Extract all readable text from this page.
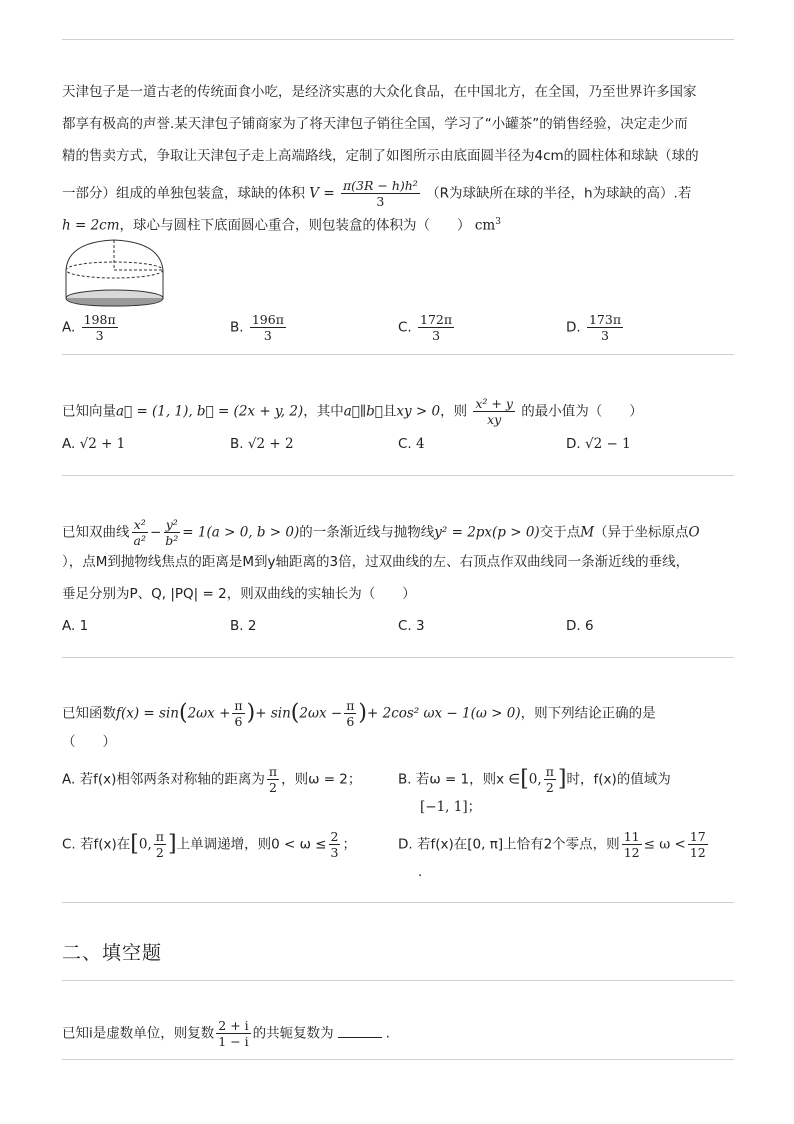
天津包子是一道古老的传统面食小吃，是经济实惠的大众化食品，在中国北方，在全国，乃至世界许多国家
都享有极高的声誉.某天津包子铺商家为了将天津包子销往全国，学习了“小罐茶”的销售经验，决定走少而
精的售卖方式，争取让天津包子走上高端路线，定制了如图所示由底面圆半径为4cm的圆柱体和球缺（球的
一部分）组成的单独包装盒，球缺的体积 $V = \frac{\text{π(3R − h)h²}}{3} (R$为球缺所在球的半径，h为球缺的高）.若
h = 2cm，球心与圆柱下底面圆心重合，则包装盒的体积为（　　） $cm^3$
A. $\frac{198\pi}{3}$	B. $\frac{196\pi}{3}$	C. $\frac{172\pi}{3}$	D. $\frac{173\pi}{3}$
已知向量a⃗ = (1, 1), b⃗ = (2x + y, 2)，其中a⃗∥b⃗且xy > 0，则 $\frac{\text{x² + y}}{xy}$ 的最小值为（　　）
A. √2 + 1	B. √2 + 2	C. 4	D. √2 − 1
已知双曲线 $\frac{\text{x²}}{\text{a²}} - \frac{\text{y²}}{\text{b²}} = 1(a > 0$, b > 0)的一条渐近线与抛物线y² = 2px(p > 0)交于点M（异于坐标原点O
），点M到抛物线焦点的距离是M到y轴距离的3倍，过双曲线的左、右顶点作双曲线同一条渐近线的垂线，
垂足分别为P、Q, |PQ| = 2，则双曲线的实轴长为（　　）
A. 1	B. 2	C. 3	D. 6
已知函数$f(x) = \sin(2\omega x + \frac{\pi}{6}$ )+ $\sin(2\omega x - \frac{\pi}{6}$ )+ 2cos² ωx − 1(ω > 0)，则下列结论正确的是
（　　）
A. 若f(x)相邻两条对称轴的距离为 $\frac{\pi}{2}$ ，则ω = 2；	B. 若ω = 1，则x ∈[0, $\frac{\pi}{2}$ ]时，f(x)的值域为
[−1, 1]；
C. 若f(x)在[0, $\frac{\pi}{2}$ ]上单调递增，则$0 < \omega \le \frac{2}{3}$ ；	D. 若f(x)在[0, π]上恰有2个零点，则 $\frac{11}{12} \le \omega < \frac{17}{12}$
.
二、填空题
已知i是虚数单位，则复数 $\frac{2 + i}{1 - i}$ 的共轭复数为	.
